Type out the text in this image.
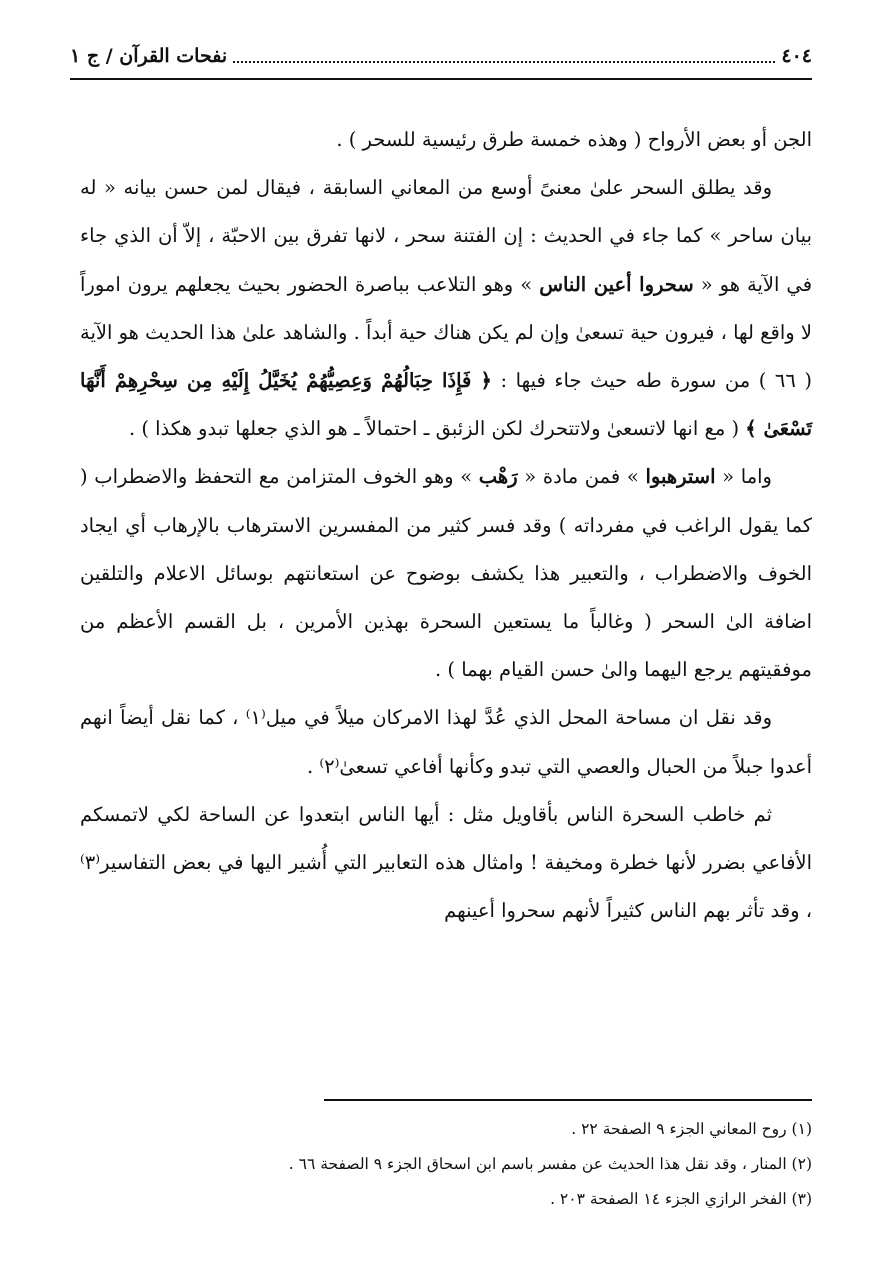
٤٠٤
نفحات القرآن / ج ١

الجن أو بعض الأرواح ( وهذه خمسة طرق رئيسية للسحر ) .

وقد يطلق السحر علىٰ معنىً أوسع من المعاني السابقة ، فيقال لمن حسن بيانه « له بيان ساحر » كما جاء في الحديث : إن الفتنة سحر ، لانها تفرق بين الاحبّة ، إلاّ أن الذي جاء في الآية هو « سحروا أعين الناس » وهو التلاعب بباصرة الحضور بحيث يجعلهم يرون اموراً لا واقع لها ، فيرون حية تسعىٰ وإن لم يكن هناك حية أبداً . والشاهد علىٰ هذا الحديث هو الآية ( ٦٦ ) من سورة طه حيث جاء فيها : ﴿ فَإِذَا حِبَالُهُمْ وَعِصِيُّهُمْ يُخَيَّلُ إِلَيْهِ مِن سِحْرِهِمْ أَنَّهَا تَسْعَىٰ ﴾ ( مع انها لاتسعىٰ ولاتتحرك لكن الزئبق ـ احتمالاً ـ هو الذي جعلها تبدو هكذا ) .

واما « استرهبوا » فمن مادة « رَهْب » وهو الخوف المتزامن مع التحفظ والاضطراب ( كما يقول الراغب في مفرداته ) وقد فسر كثير من المفسرين الاسترهاب بالإرهاب أي ايجاد الخوف والاضطراب ، والتعبير هذا يكشف بوضوح عن استعانتهم بوسائل الاعلام والتلقين اضافة الىٰ السحر ( وغالباً ما يستعين السحرة بهذين الأمرين ، بل القسم الأعظم من موفقيتهم يرجع اليهما والىٰ حسن القيام بهما ) .

وقد نقل ان مساحة المحل الذي عُدَّ لهذا الامركان ميلاً في ميل⁽١⁾ ، كما نقل أيضاً انهم أعدوا جبلاً من الحبال والعصي التي تبدو وكأنها أفاعي تسعىٰ⁽٢⁾ .

ثم خاطب السحرة الناس بأقاويل مثل : أيها الناس ابتعدوا عن الساحة لكي لاتمسكم الأفاعي بضرر لأنها خطرة ومخيفة ! وامثال هذه التعابير التي أُشير اليها في بعض التفاسير⁽٣⁾ ، وقد تأثر بهم الناس كثيراً لأنهم سحروا أعينهم

(١) روح المعاني الجزء ٩ الصفحة ٢٢ .
(٢) المنار ، وقد نقل هذا الحديث عن مفسر باسم ابن اسحاق الجزء ٩ الصفحة ٦٦ .
(٣) الفخر الرازي الجزء ١٤ الصفحة ٢٠٣ .
